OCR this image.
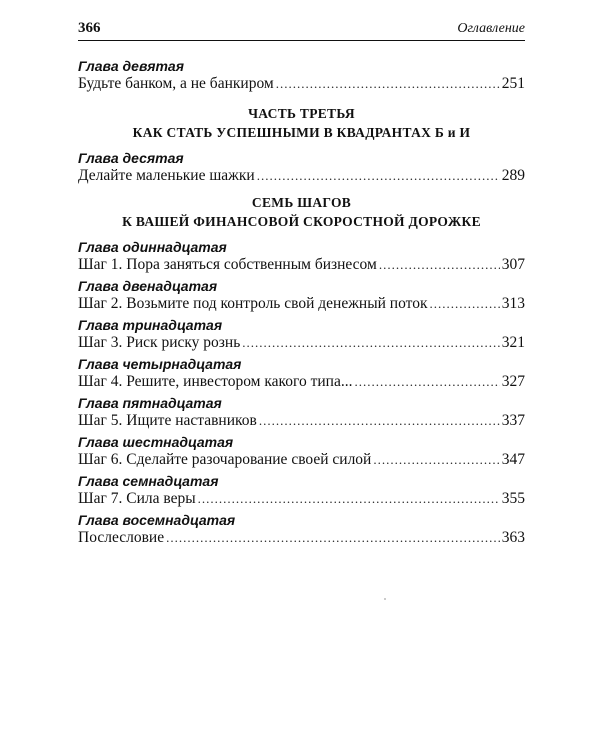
366	Оглавление
Глава девятая
Будьте банком, а не банкиром .....	251
ЧАСТЬ ТРЕТЬЯ
КАК СТАТЬ УСПЕШНЫМИ В КВАДРАНТАХ Б и И
Глава десятая
Делайте маленькие шажки .....	289
СЕМЬ ШАГОВ
К ВАШЕЙ ФИНАНСОВОЙ СКОРОСТНОЙ ДОРОЖКЕ
Глава одиннадцатая
Шаг 1. Пора заняться собственным бизнесом .....	307
Глава двенадцатая
Шаг 2. Возьмите под контроль свой денежный поток .....	313
Глава тринадцатая
Шаг 3. Риск риску рознь .....	321
Глава четырнадцатая
Шаг 4. Решите, инвестором какого типа... .....	327
Глава пятнадцатая
Шаг 5. Ищите наставников .....	337
Глава шестнадцатая
Шаг 6. Сделайте разочарование своей силой .....	347
Глава семнадцатая
Шаг 7. Сила веры .....	355
Глава восемнадцатая
Послесловие .....	363
